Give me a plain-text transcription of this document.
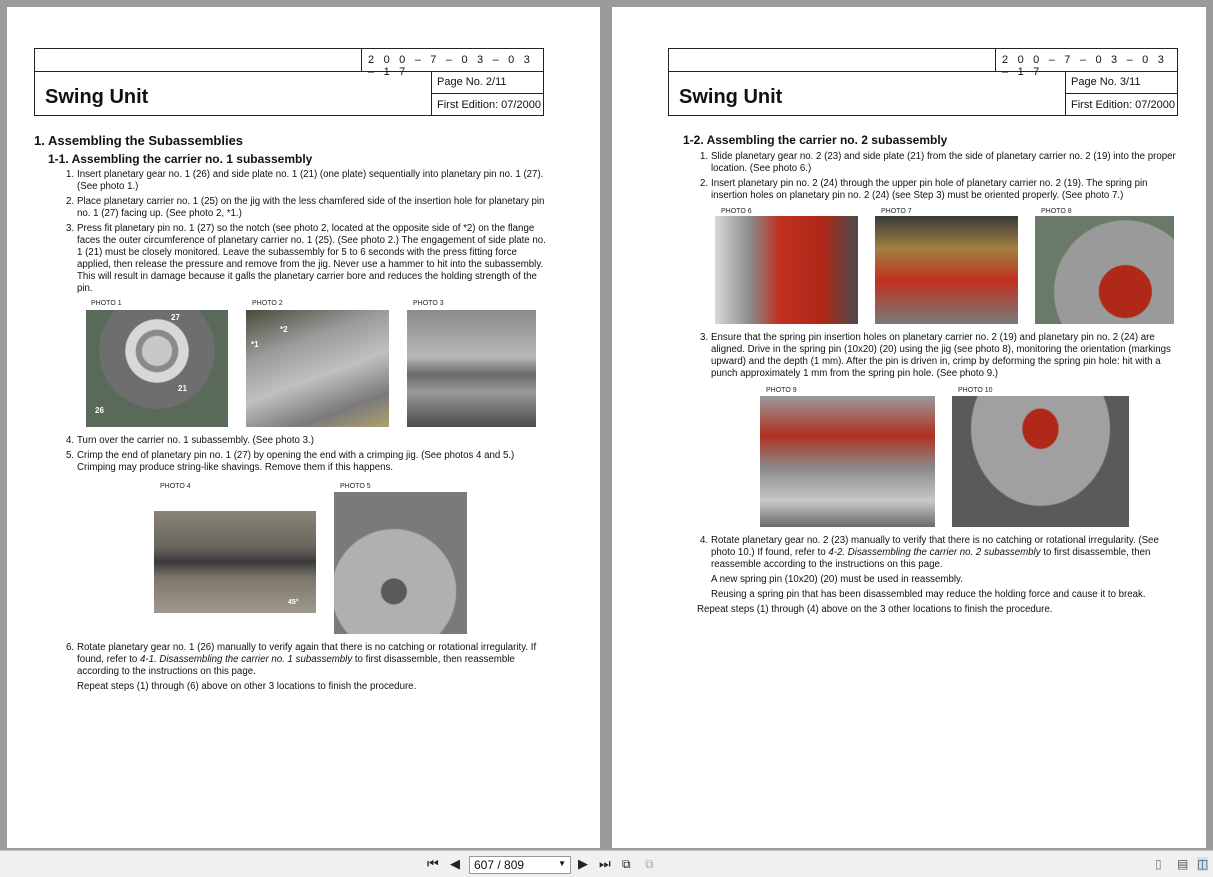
2 0 0 – 7 – 0 3 – 0 3 – 1 7
Swing Unit
Page No. 2/11
First Edition: 07/2000
1. Assembling the Subassemblies
1-1. Assembling the carrier no. 1 subassembly
1. Insert planetary gear no. 1 (26) and side plate no. 1 (21) (one plate) sequentially into planetary pin no. 1 (27). (See photo 1.)
2. Place planetary carrier no. 1 (25) on the jig with the less chamfered side of the insertion hole for planetary pin no. 1 (27) facing up. (See photo 2, *1.)
3. Press fit planetary pin no. 1 (27) so the notch (see photo 2, located at the opposite side of *2) on the flange faces the outer circumference of planetary carrier no. 1 (25). (See photo 2.) The engagement of side plate no. 1 (21) must be closely monitored. Leave the subassembly for 5 to 6 seconds with the press fitting force applied, then release the pressure and remove from the jig. Never use a hammer to hit into the subassembly. This will result in damage because it galls the planetary carrier bore and reduces the holding strength of the pin.
PHOTO 1	PHOTO 2	PHOTO 3
27
21
26
*2
*1
4. Turn over the carrier no. 1 subassembly. (See photo 3.)
5. Crimp the end of planetary pin no. 1 (27) by opening the end with a crimping jig. (See photos 4 and 5.)
Crimping may produce string-like shavings. Remove them if this happens.
PHOTO 4	PHOTO 5
45°
6. Rotate planetary gear no. 1 (26) manually to verify again that there is no catching or rotational irregularity. If found, refer to 4-1. Disassembling the carrier no. 1 subassembly to first disassemble, then reassemble according to the instructions on this page.
Repeat steps (1) through (6) above on other 3 locations to finish the procedure.
2 0 0 – 7 – 0 3 – 0 3 – 1 7
Swing Unit
Page No. 3/11
First Edition: 07/2000
1-2. Assembling the carrier no. 2 subassembly
1. Slide planetary gear no. 2 (23) and side plate (21) from the side of planetary carrier no. 2 (19) into the proper location. (See photo 6.)
2. Insert planetary pin no. 2 (24) through the upper pin hole of planetary carrier no. 2 (19). The spring pin insertion holes on planetary pin no. 2 (24) (see Step 3) must be oriented properly. (See photo 7.)
PHOTO 6	PHOTO 7	PHOTO 8
3. Ensure that the spring pin insertion holes on planetary carrier no. 2 (19) and planetary pin no. 2 (24) are aligned. Drive in the spring pin (10x20) (20) using the jig (see photo 8), monitoring the orientation (markings upward) and the depth (1 mm). After the pin is driven in, crimp by deforming the spring pin hole: hit with a punch approximately 1 mm from the spring pin hole. (See photo 9.)
PHOTO 9	PHOTO 10
4. Rotate planetary gear no. 2 (23) manually to verify that there is no catching or rotational irregularity. (See photo 10.) If found, refer to 4-2. Disassembling the carrier no. 2 subassembly to first disassemble, then reassemble according to the instructions on this page.
A new spring pin (10x20) (20) must be used in reassembly.
Reusing a spring pin that has been disassembled may reduce the holding force and cause it to break.
Repeat steps (1) through (4) above on the 3 other locations to finish the procedure.
⏮ ◀	607 / 809	▼ ▶ ⏭ ⧉ ⧉	▯ ▤ ◫
